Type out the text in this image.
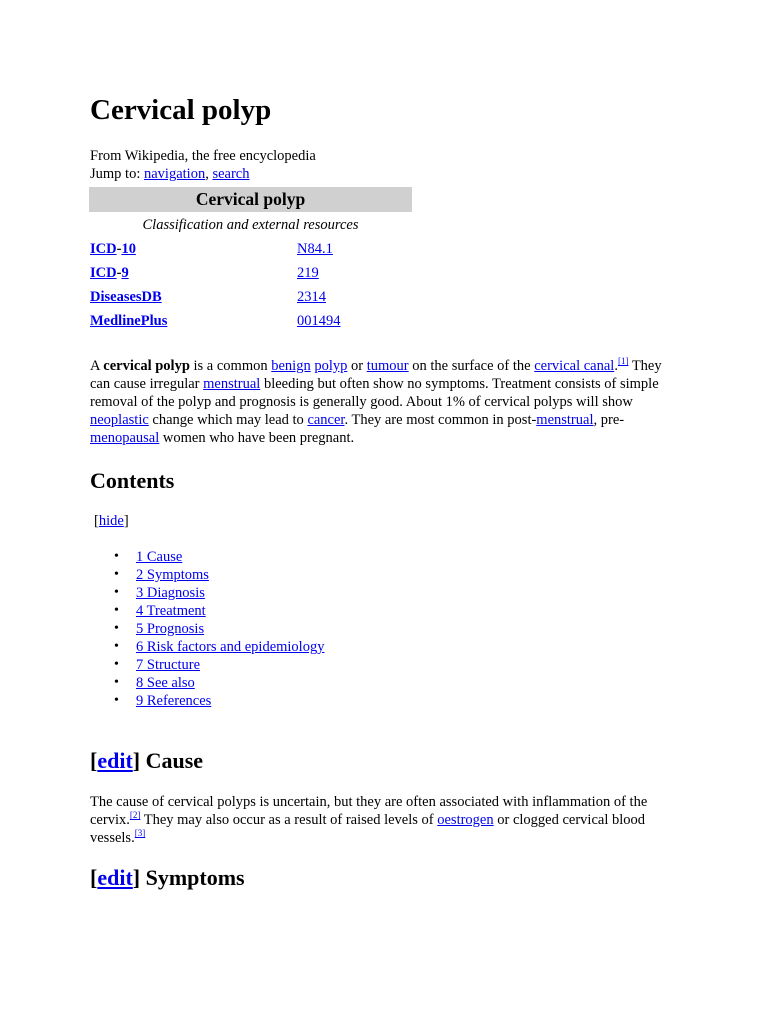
Cervical polyp
From Wikipedia, the free encyclopedia
Jump to: navigation, search
Cervical polyp
Classification and external resources
ICD-10	N84.1
ICD-9	219
DiseasesDB	2314
MedlinePlus	001494

A cervical polyp is a common benign polyp or tumour on the surface of the cervical canal.[1] They can cause irregular menstrual bleeding but often show no symptoms. Treatment consists of simple removal of the polyp and prognosis is generally good. About 1% of cervical polyps will show neoplastic change which may lead to cancer. They are most common in post-menstrual, pre-menopausal women who have been pregnant.

Contents
[hide]
• 1 Cause
• 2 Symptoms
• 3 Diagnosis
• 4 Treatment
• 5 Prognosis
• 6 Risk factors and epidemiology
• 7 Structure
• 8 See also
• 9 References
[edit] Cause

The cause of cervical polyps is uncertain, but they are often associated with inflammation of the cervix.[2] They may also occur as a result of raised levels of oestrogen or clogged cervical blood vessels.[3]

[edit] Symptoms
